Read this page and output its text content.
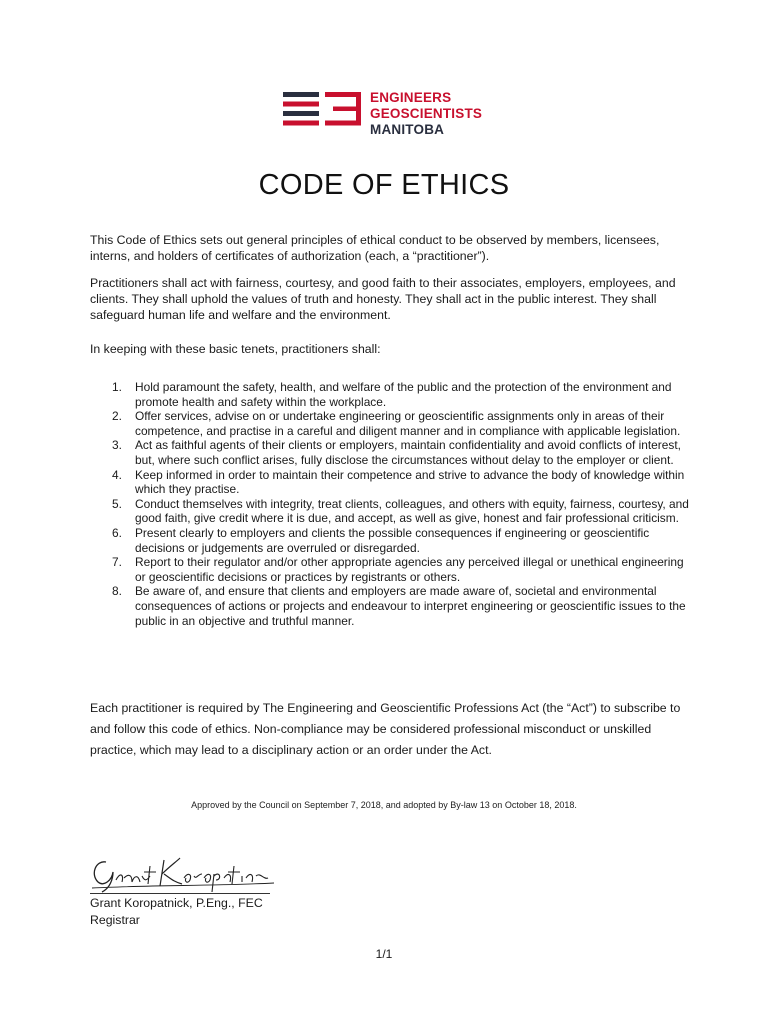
ENGINEERS
GEOSCIENTISTS
MANITOBA
CODE OF ETHICS
This Code of Ethics sets out general principles of ethical conduct to be observed by members, licensees, interns, and holders of certificates of authorization (each, a “practitioner”).
Practitioners shall act with fairness, courtesy, and good faith to their associates, employers, employees, and clients. They shall uphold the values of truth and honesty. They shall act in the public interest. They shall safeguard human life and welfare and the environment.
In keeping with these basic tenets, practitioners shall:
1. Hold paramount the safety, health, and welfare of the public and the protection of the environment and promote health and safety within the workplace.
2. Offer services, advise on or undertake engineering or geoscientific assignments only in areas of their competence, and practise in a careful and diligent manner and in compliance with applicable legislation.
3. Act as faithful agents of their clients or employers, maintain confidentiality and avoid conflicts of interest, but, where such conflict arises, fully disclose the circumstances without delay to the employer or client.
4. Keep informed in order to maintain their competence and strive to advance the body of knowledge within which they practise.
5. Conduct themselves with integrity, treat clients, colleagues, and others with equity, fairness, courtesy, and good faith, give credit where it is due, and accept, as well as give, honest and fair professional criticism.
6. Present clearly to employers and clients the possible consequences if engineering or geoscientific decisions or judgements are overruled or disregarded.
7. Report to their regulator and/or other appropriate agencies any perceived illegal or unethical engineering or geoscientific decisions or practices by registrants or others.
8. Be aware of, and ensure that clients and employers are made aware of, societal and environmental consequences of actions or projects and endeavour to interpret engineering or geoscientific issues to the public in an objective and truthful manner.
Each practitioner is required by The Engineering and Geoscientific Professions Act (the “Act”) to subscribe to and follow this code of ethics. Non-compliance may be considered professional misconduct or unskilled practice, which may lead to a disciplinary action or an order under the Act.
Approved by the Council on September 7, 2018, and adopted by By-law 13 on October 18, 2018.
Grant Koropatnick, P.Eng., FEC
Registrar
1/1
